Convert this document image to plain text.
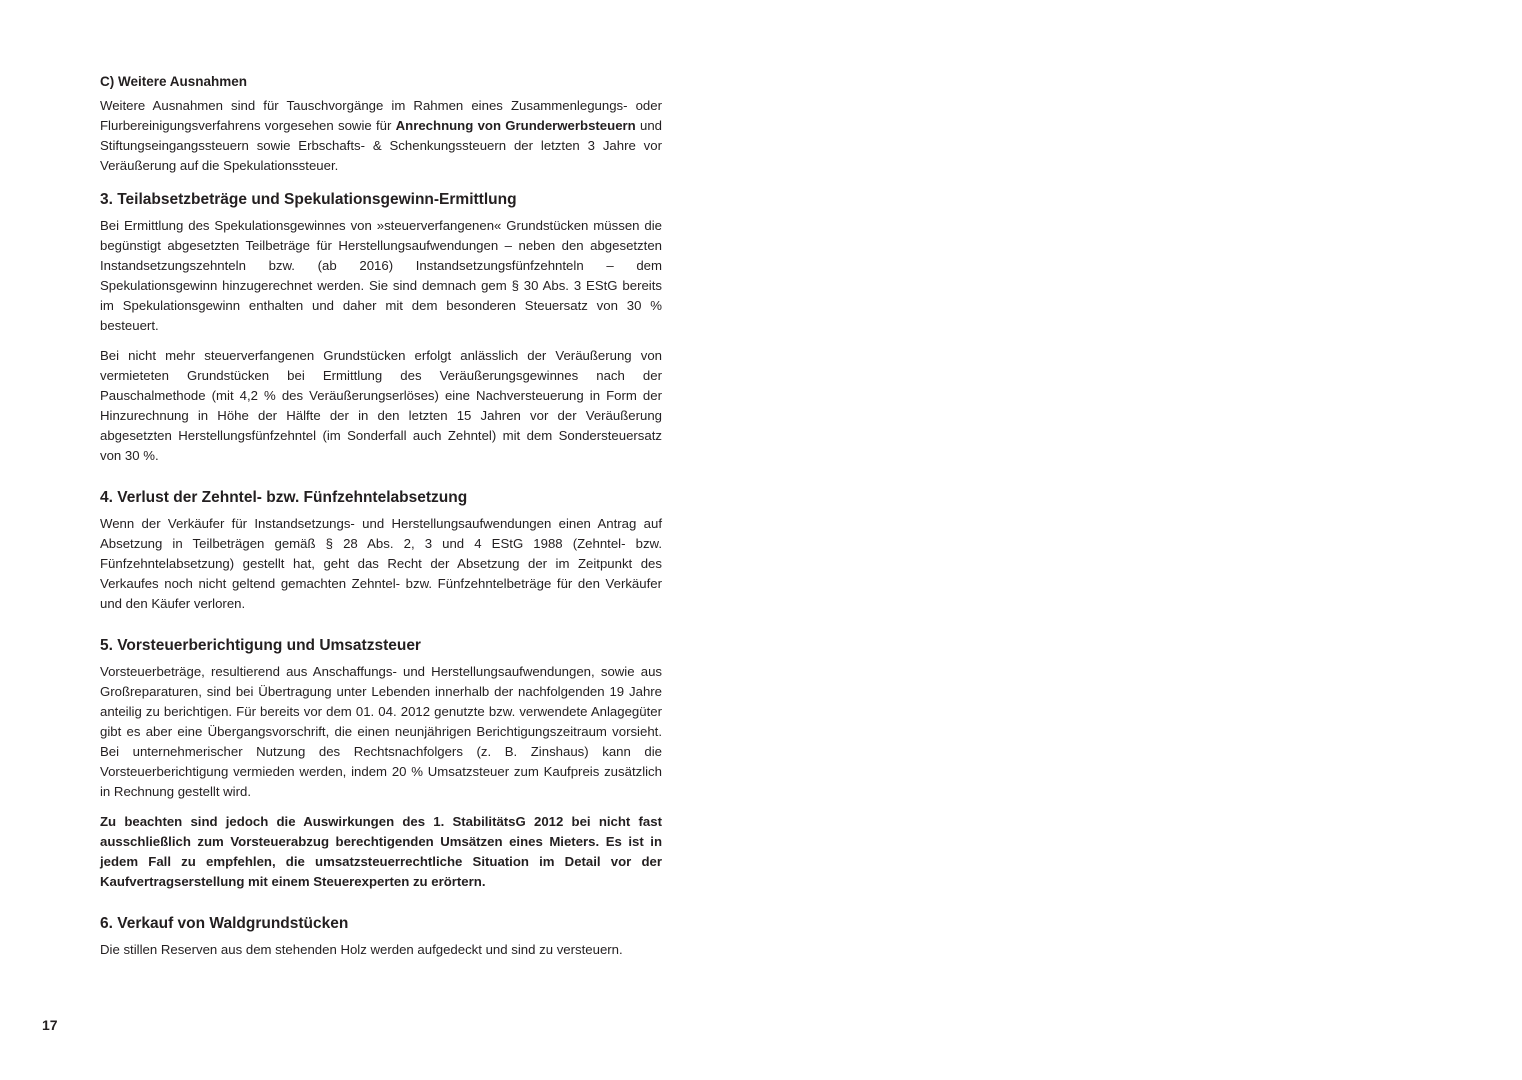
C) Weitere Ausnahmen

Weitere Ausnahmen sind für Tauschvorgänge im Rahmen eines Zusammenlegungs- oder Flurbereinigungsverfahrens vorgesehen sowie für Anrechnung von Grunderwerbsteuern und Stiftungseingangssteuern sowie Erbschafts- & Schenkungssteuern der letzten 3 Jahre vor Veräußerung auf die Spekulationssteuer.

3. Teilabsetzbeträge und Spekulationsgewinn-Ermittlung

Bei Ermittlung des Spekulationsgewinnes von »steuerverfangenen« Grundstücken müssen die begünstigt abgesetzten Teilbeträge für Herstellungsaufwendungen – neben den abgesetzten Instandsetzungszehnteln bzw. (ab 2016) Instandsetzungsfünfzehnteln – dem Spekulationsgewinn hinzugerechnet werden. Sie sind demnach gem § 30 Abs. 3 EStG bereits im Spekulationsgewinn enthalten und daher mit dem besonderen Steuersatz von 30 % besteuert.

Bei nicht mehr steuerverfangenen Grundstücken erfolgt anlässlich der Veräußerung von vermieteten Grundstücken bei Ermittlung des Veräußerungsgewinnes nach der Pauschalmethode (mit 4,2 % des Veräußerungserlöses) eine Nachversteuerung in Form der Hinzurechnung in Höhe der Hälfte der in den letzten 15 Jahren vor der Veräußerung abgesetzten Herstellungsfünfzehntel (im Sonderfall auch Zehntel) mit dem Sondersteuersatz von 30 %.

4. Verlust der Zehntel- bzw. Fünfzehntelabsetzung

Wenn der Verkäufer für Instandsetzungs- und Herstellungsaufwendungen einen Antrag auf Absetzung in Teilbeträgen gemäß § 28 Abs. 2, 3 und 4 EStG 1988 (Zehntel- bzw. Fünfzehntelabsetzung) gestellt hat, geht das Recht der Absetzung der im Zeitpunkt des Verkaufes noch nicht geltend gemachten Zehntel- bzw. Fünfzehntelbeträge für den Verkäufer und den Käufer verloren.

5. Vorsteuerberichtigung und Umsatzsteuer

Vorsteuerbeträge, resultierend aus Anschaffungs- und Herstellungsaufwendungen, sowie aus Großreparaturen, sind bei Übertragung unter Lebenden innerhalb der nachfolgenden 19 Jahre anteilig zu berichtigen. Für bereits vor dem 01. 04. 2012 genutzte bzw. verwendete Anlagegüter gibt es aber eine Übergangsvorschrift, die einen neunjährigen Berichtigungszeitraum vorsieht. Bei unternehmerischer Nutzung des Rechtsnachfolgers (z. B. Zinshaus) kann die Vorsteuerberichtigung vermieden werden, indem 20 % Umsatzsteuer zum Kaufpreis zusätzlich in Rechnung gestellt wird.

Zu beachten sind jedoch die Auswirkungen des 1. StabilitätsG 2012 bei nicht fast ausschließlich zum Vorsteuerabzug berechtigenden Umsätzen eines Mieters. Es ist in jedem Fall zu empfehlen, die umsatzsteuerrechtliche Situation im Detail vor der Kaufvertragserstellung mit einem Steuerexperten zu erörtern.

6. Verkauf von Waldgrundstücken

Die stillen Reserven aus dem stehenden Holz werden aufgedeckt und sind zu versteuern.

17
